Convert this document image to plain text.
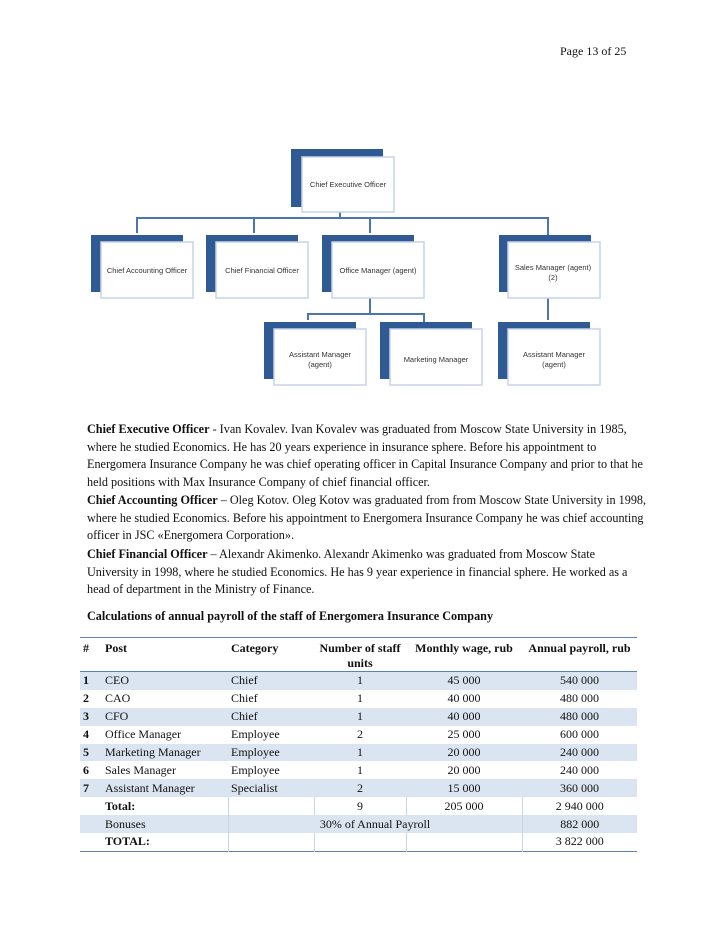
Page 13 of 25
Chief Executive Officer
Chief Accounting Officer	Chief Financial Officer	Office Manager (agent)	Sales Manager (agent)
(2)
Assistant Manager
(agent)
Marketing Manager
Assistant Manager
(agent)

Chief Executive Officer - Ivan Kovalev. Ivan Kovalev was graduated from Moscow State University in 1985, where he studied Economics. He has 20 years experience in insurance sphere. Before his appointment to Energomera Insurance Company he was chief operating officer in Capital Insurance Company and prior to that he held positions with Max Insurance Company of chief financial officer.

Chief Accounting Officer – Oleg Kotov. Oleg Kotov was graduated from from Moscow State University in 1998, where he studied Economics. Before his appointment to Energomera Insurance Company he was chief accounting officer in JSC «Energomera Corporation».

Chief Financial Officer – Alexandr Akimenko. Alexandr Akimenko was graduated from Moscow State University in 1998, where he studied Economics. He has 9 year experience in financial sphere. He worked as a head of department in the Ministry of Finance.

Calculations of annual payroll of the staff of Energomera Insurance Company
#	Post	Category	Number of staff units	Monthly wage, rub	Annual payroll, rub
1	CEO	Chief	1	45 000	540 000
2	CAO	Chief	1	40 000	480 000
3	CFO	Chief	1	40 000	480 000
4	Office Manager	Employee	2	25 000	600 000
5	Marketing Manager	Employee	1	20 000	240 000
6	Sales Manager	Employee	1	20 000	240 000
7	Assistant Manager	Specialist	2	15 000	360 000
	Total:		9	205 000	2 940 000
	Bonuses	30% of Annual Payroll			882 000
	TOTAL:				3 822 000
